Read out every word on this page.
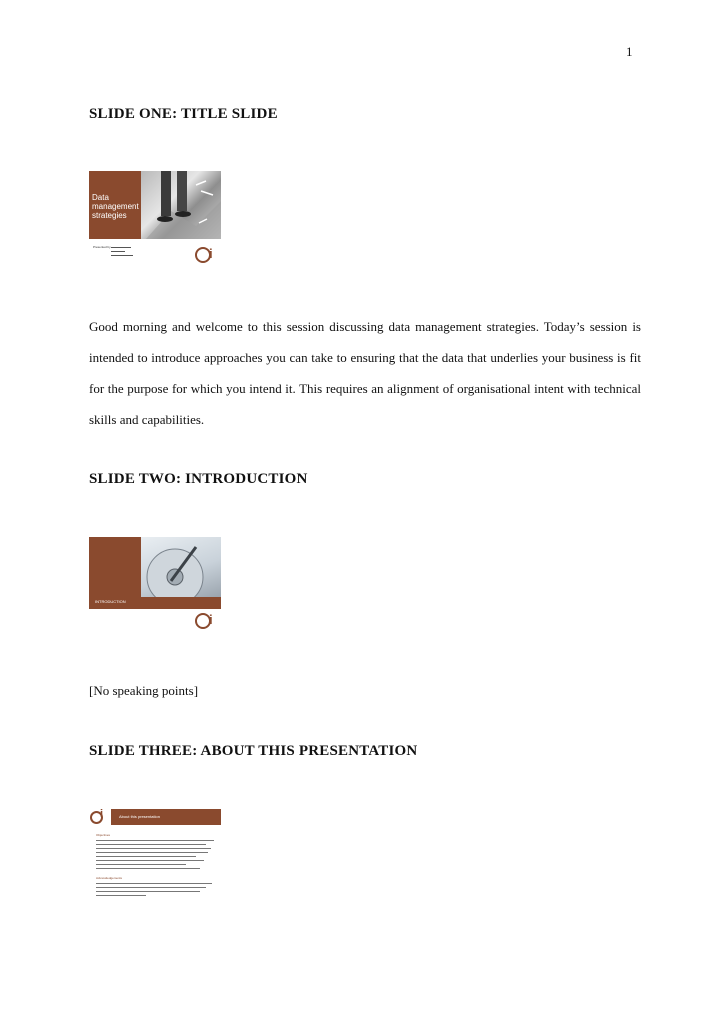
1
SLIDE ONE: TITLE SLIDE
Data
management
strategies
Presented by	i
Good morning and welcome to this session discussing data management strategies. Today’s session is intended to introduce approaches you can take to ensuring that the data that underlies your business is fit for the purpose for which you intend it. This requires an alignment of organisational intent with technical skills and capabilities.
SLIDE TWO: INTRODUCTION
INTRODUCTION
i
[No speaking points]
SLIDE THREE: ABOUT THIS PRESENTATION
i	About this presentation
Objectives
Acknowledgements
